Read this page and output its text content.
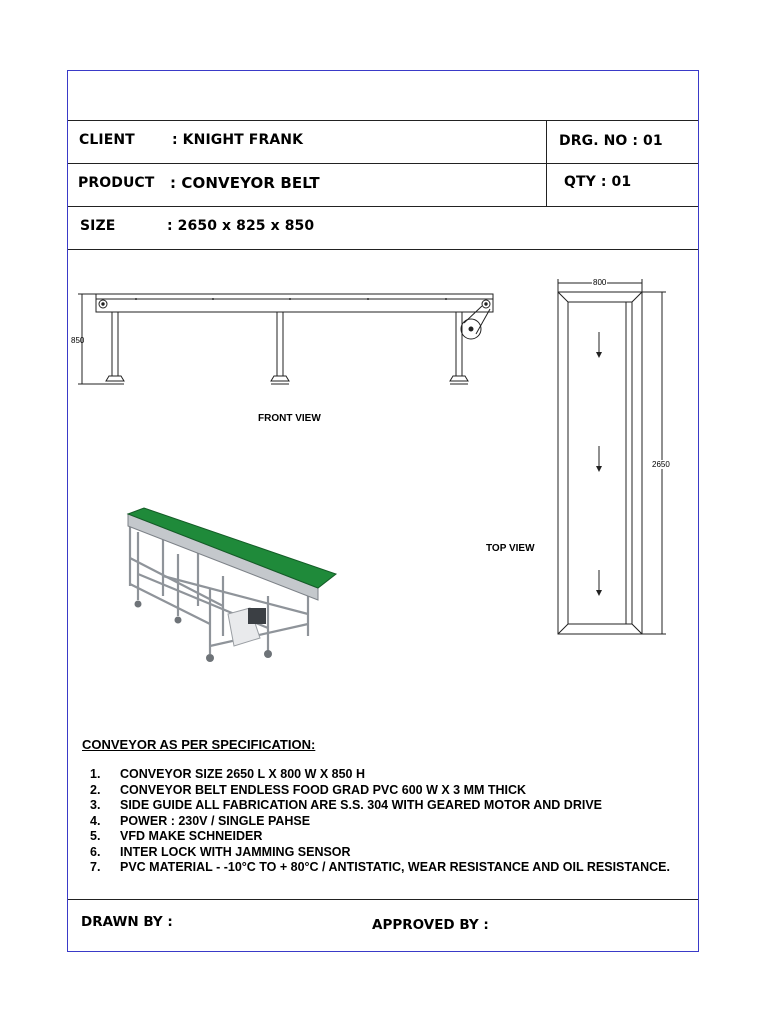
CLIENT	: KNIGHT FRANK	DRG. NO : 01
PRODUCT : CONVEYOR BELT	QTY : 01
SIZE	: 2650 x 825 x 850
850
FRONT VIEW
800
2650
TOP VIEW
CONVEYOR AS PER SPECIFICATION:
1. CONVEYOR SIZE 2650 L X 800 W X 850 H
2. CONVEYOR BELT ENDLESS FOOD GRAD PVC 600 W X 3 MM THICK
3. SIDE GUIDE ALL FABRICATION ARE S.S. 304 WITH GEARED MOTOR AND DRIVE
4. POWER : 230V / SINGLE PAHSE
5. VFD MAKE SCHNEIDER
6. INTER LOCK WITH JAMMING SENSOR
7. PVC MATERIAL - -10°C TO + 80°C / ANTISTATIC, WEAR RESISTANCE AND OIL RESISTANCE.
DRAWN BY :	APPROVED BY :
